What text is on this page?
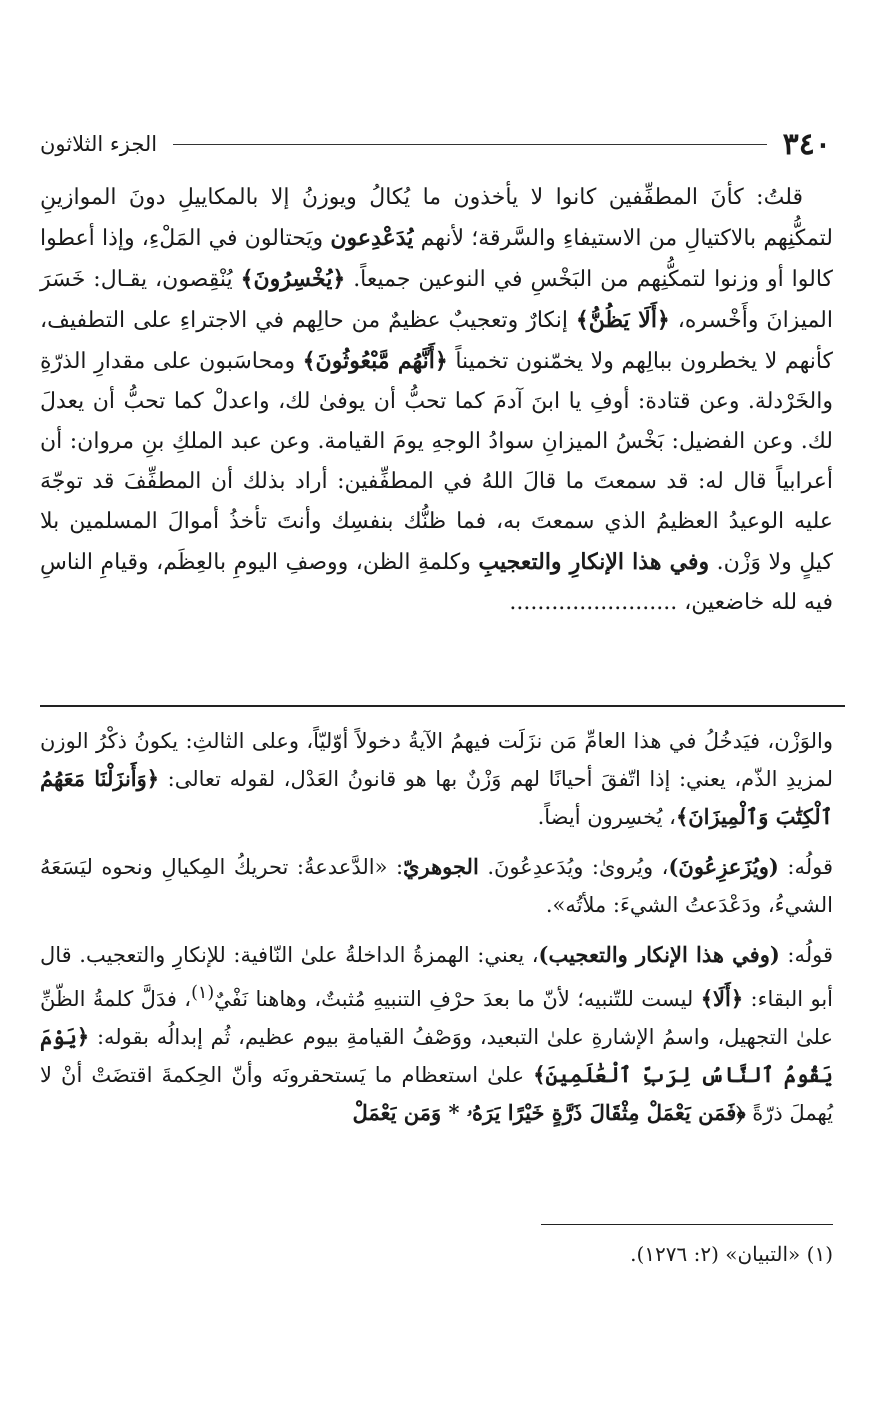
٣٤٠
الجزء الثلاثون

قلتُ: كأنَ المطفِّفين كانوا لا يأخذون ما يُكالُ ويوزنُ إلا بالمكاييلِ دونَ الموازينِ لتمكُّنِهم بالاكتيالِ من الاستيفاءِ والسَّرقة؛ لأنهم يُدَعْدِعون ويَحتالون في المَلْءِ، وإذا أعطوا كالوا أو وزنوا لتمكُّنِهم من البَخْسِ في النوعين جميعاً. ﴿يُخْسِرُونَ﴾ يُنْقِصون، يقـال: خَسَرَ الميزانَ وأَخْسره، ﴿أَلَا يَظُنُّ﴾ إنكارٌ وتعجيبٌ عظيمٌ من حالِهم في الاجتراءِ على التطفيف، كأنهم لا يخطرون ببالِهم ولا يخمّنون تخميناً ﴿أَنَّهُم مَّبْعُوثُونَ﴾ ومحاسَبون على مقدارِ الذرّةِ والخَرْدلة. وعن قتادة: أوفِ يا ابنَ آدمَ كما تحبُّ أن يوفىٰ لك، واعدلْ كما تحبُّ أن يعدلَ لك. وعن الفضيل: بَخْسُ الميزانِ سوادُ الوجهِ يومَ القيامة. وعن عبد الملكِ بنِ مروان: أن أعرابياً قال له: قد سمعتَ ما قالَ اللهُ في المطفِّفين: أراد بذلك أن المطفِّفَ قد توجّهَ عليه الوعيدُ العظيمُ الذي سمعتَ به، فما ظنُّك بنفسِك وأنتَ تأخذُ أموالَ المسلمين بلا كيلٍ ولا وَزْن. وفي هذا الإنكارِ والتعجيبِ وكلمةِ الظن، ووصفِ اليومِ بالعِظَم، وقيامِ الناسِ فيه لله خاضعين، ........................

والوَزْن، فيَدخُلُ في هذا العامِّ مَن نزَلَت فيهمُ الآيةُ دخولاً أوّليّاً، وعلى الثالثِ: يكونُ ذكْرُ الوزن لمزيدِ الذّم، يعني: إذا اتّفقَ أحيانًا لهم وَزْنٌ بها هو قانونُ العَدْل، لقوله تعالى: ﴿وَأَنزَلْنَا مَعَهُمُ ٱلْكِتَٰبَ وَٱلْمِيزَانَ﴾، يُخسِرون أيضاً.

قولُه: (ويُزَعزِعُونَ)، ويُروىٰ: ويُدَعدِعُونَ. الجوهريّ: «الدَّعدعةُ: تحريكُ المِكيالِ ونحوه ليَسَعَهُ الشيءُ، ودَعْدَعتُ الشيءَ: ملأتُه».

قولُه: (وفي هذا الإنكار والتعجيب)، يعني: الهمزةُ الداخلةُ علىٰ النّافية: للإنكارِ والتعجيب. قال أبو البقاء: ﴿أَلَا﴾ ليست للتّنبيه؛ لأنّ ما بعدَ حرْفِ التنبيهِ مُثبتٌ، وهاهنا نَفْيٌ$^{(١)}$، فدَلَّ كلمةُ الظّنِّ علىٰ التجهيل، واسمُ الإشارةِ علىٰ التبعيد، ووَصْفُ القيامةِ بيوم عظيم، ثُم إبدالُه بقوله: ﴿يَوْمَ يَقُومُ ٱلنَّاسُ لِرَبِّ ٱلْعَٰلَمِينَ﴾ علىٰ استعظام ما يَستحقرونَه وأنّ الحِكمةَ اقتضَتْ أنْ لا يُهملَ ذرّةً ﴿فَمَن يَعْمَلْ مِثْقَالَ ذَرَّةٍ خَيْرًا يَرَهُۥ * وَمَن يَعْمَلْ

(١) «التبيان» (٢: ١٢٧٦).
